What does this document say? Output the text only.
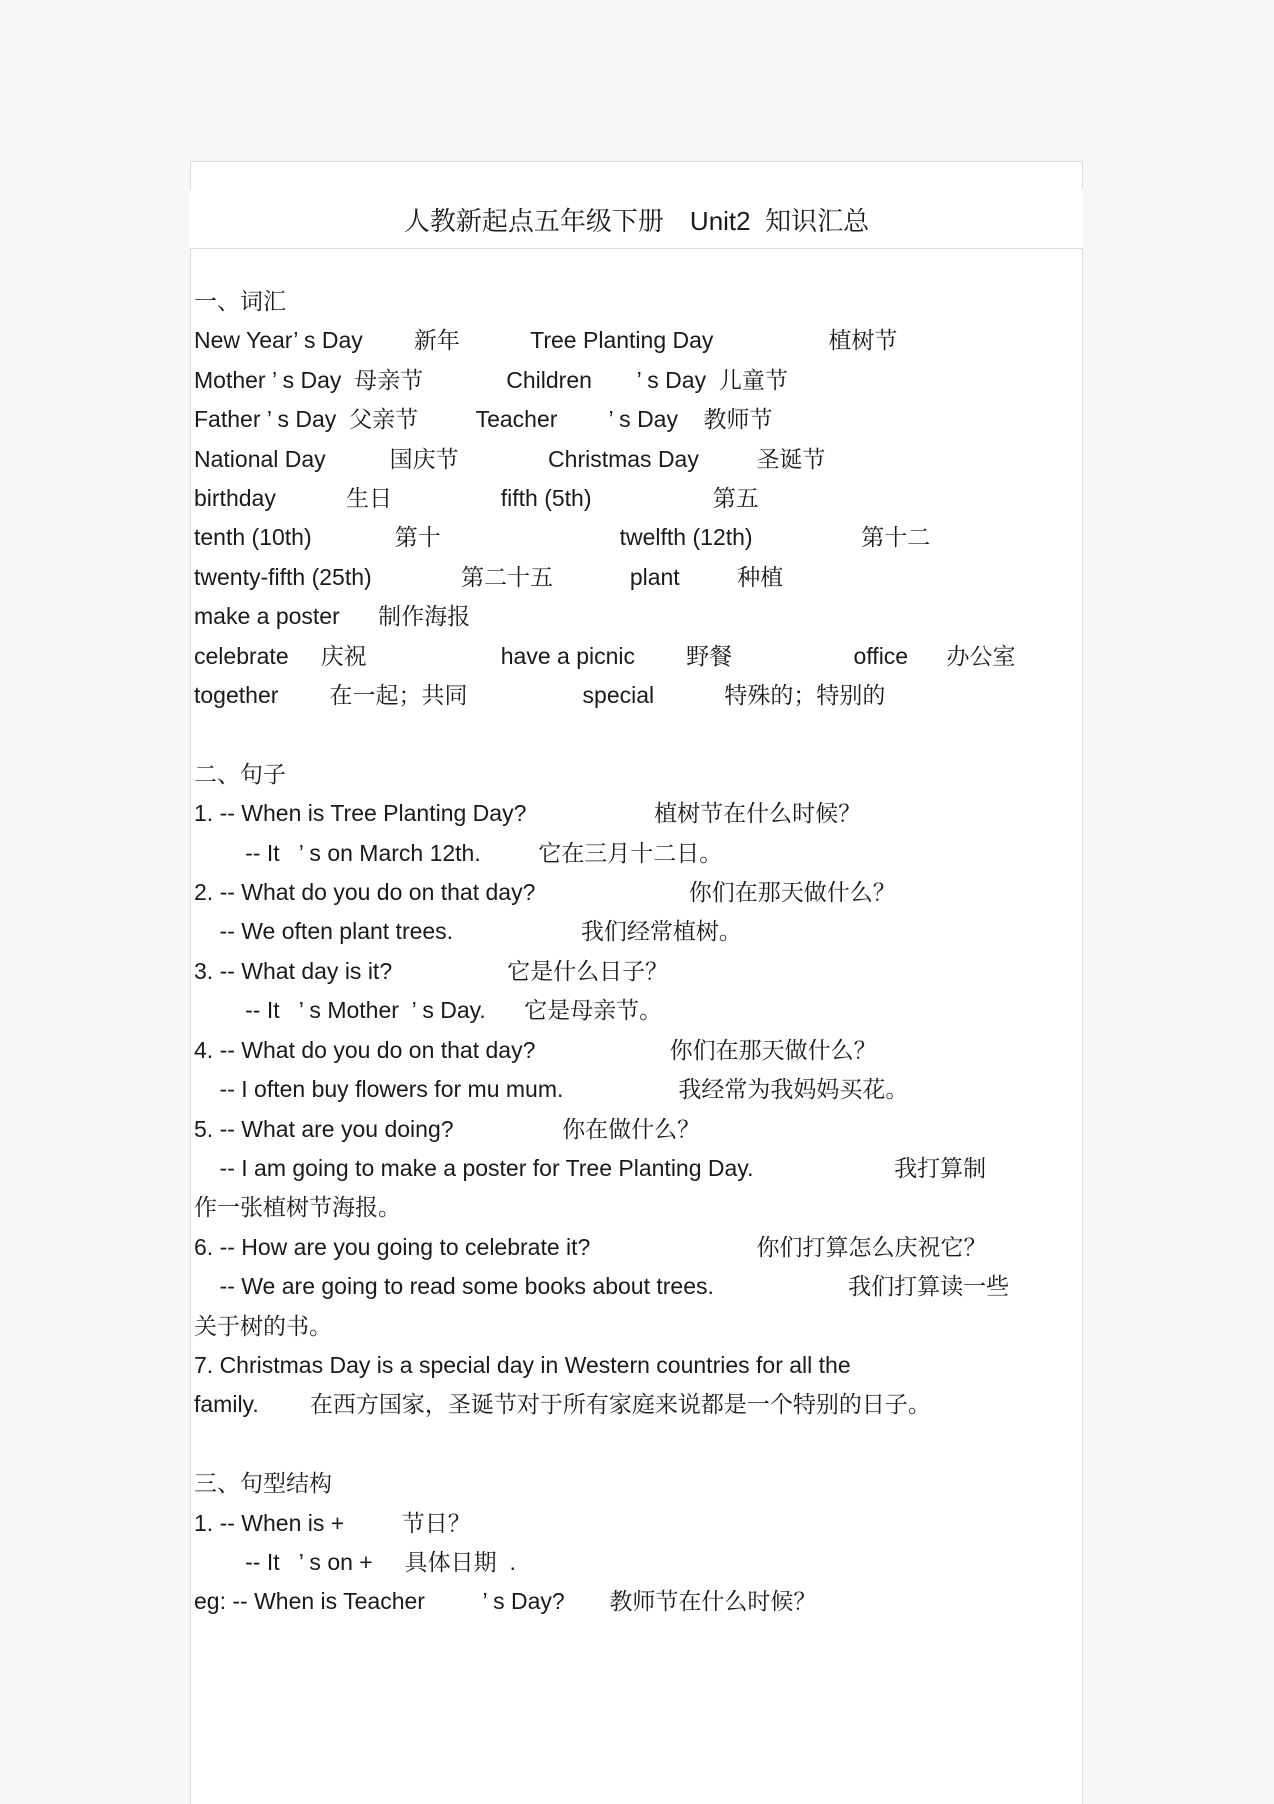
人教新起点五年级下册　Unit2  知识汇总
一、词汇
New Year’ s Day        新年           Tree Planting Day                  植树节
Mother ’ s Day  母亲节             Children       ’ s Day  儿童节
Father ’ s Day  父亲节         Teacher        ’ s Day    教师节
National Day          国庆节              Christmas Day         圣诞节
birthday           生日                 fifth (5th)                   第五
tenth (10th)             第十                            twelfth (12th)                 第十二
twenty-fifth (25th)              第二十五            plant         种植
make a poster      制作海报
celebrate     庆祝                     have a picnic        野餐                   office      办公室
together        在一起；共同                  special           特殊的；特别的
二、句子
1. -- When is Tree Planting Day?                    植树节在什么时候？
-- It   ’ s on March 12th.         它在三月十二日。
2. -- What do you do on that day?                        你们在那天做什么？
-- We often plant trees.                    我们经常植树。
3. -- What day is it?                  它是什么日子？
-- It   ’ s Mother  ’ s Day.      它是母亲节。
4. -- What do you do on that day?                     你们在那天做什么？
-- I often buy flowers for mu mum.                  我经常为我妈妈买花。
5. -- What are you doing?                 你在做什么？
-- I am going to make a poster for Tree Planting Day.                      我打算制
作一张植树节海报。
6. -- How are you going to celebrate it?                          你们打算怎么庆祝它？
-- We are going to read some books about trees.                     我们打算读一些
关于树的书。
7. Christmas Day is a special day in Western countries for all the
family.        在西方国家，圣诞节对于所有家庭来说都是一个特别的日子。
三、句型结构
1. -- When is +         节日？
-- It   ’ s on +     具体日期  .
eg: -- When is Teacher         ’ s Day?       教师节在什么时候？
